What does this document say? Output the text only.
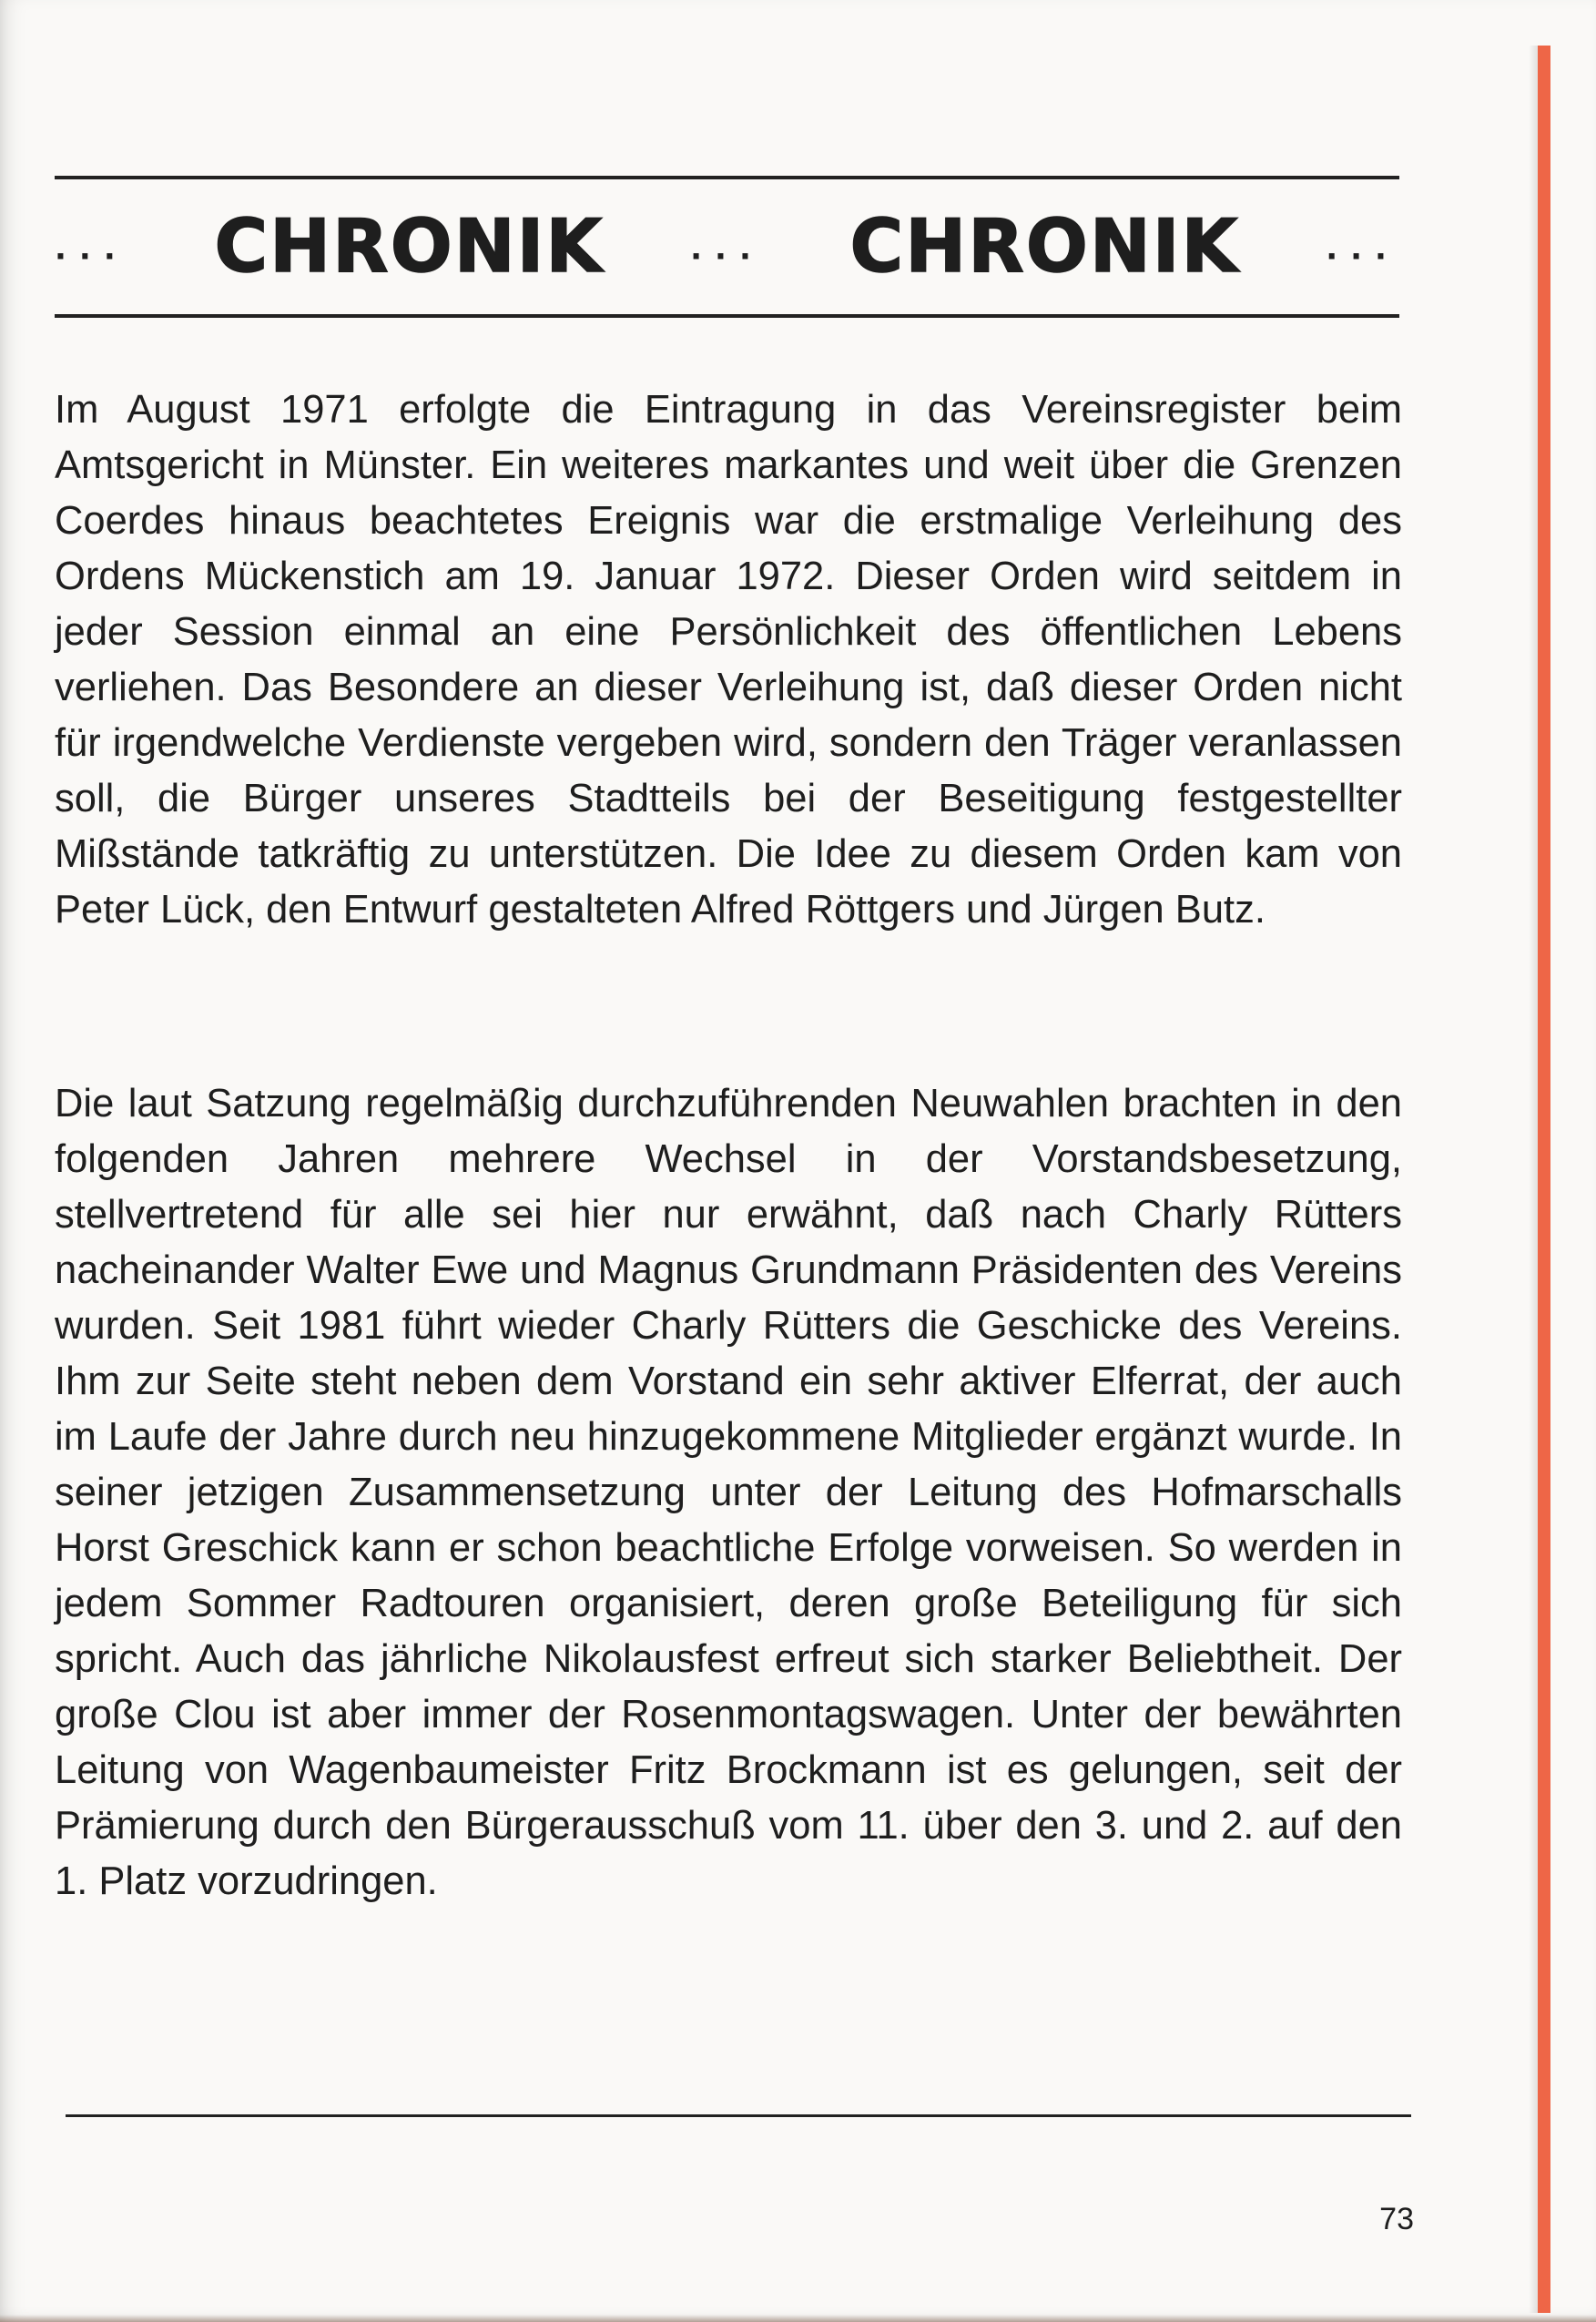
··· CHRONIK	··· CHRONIK	···

Im August 1971 erfolgte die Eintragung in das Vereinsregister beim Amtsgericht in Münster. Ein weiteres markantes und weit über die Grenzen Coerdes hinaus beachtetes Ereignis war die erstmalige Verleihung des Ordens Mückenstich am 19. Januar 1972. Dieser Orden wird seitdem in jeder Session einmal an eine Persönlichkeit des öffentlichen Lebens verliehen. Das Besondere an dieser Verleihung ist, daß dieser Orden nicht für irgendwelche Verdienste vergeben wird, sondern den Träger veranlassen soll, die Bürger unseres Stadtteils bei der Beseitigung festgestellter Mißstände tatkräftig zu unterstützen. Die Idee zu diesem Orden kam von Peter Lück, den Entwurf gestalteten Alfred Röttgers und Jürgen Butz.

Die laut Satzung regelmäßig durchzuführenden Neuwahlen brachten in den folgenden Jahren mehrere Wechsel in der Vorstandsbesetzung, stellvertretend für alle sei hier nur erwähnt, daß nach Charly Rütters nacheinander Walter Ewe und Magnus Grundmann Präsidenten des Vereins wurden. Seit 1981 führt wieder Charly Rütters die Geschicke des Vereins. Ihm zur Seite steht neben dem Vorstand ein sehr aktiver Elferrat, der auch im Laufe der Jahre durch neu hinzugekommene Mitglieder ergänzt wurde. In seiner jetzigen Zusammensetzung unter der Leitung des Hofmarschalls Horst Greschick kann er schon beachtliche Erfolge vorweisen. So werden in jedem Sommer Radtouren organisiert, deren große Beteiligung für sich spricht. Auch das jährliche Nikolausfest erfreut sich starker Beliebtheit. Der große Clou ist aber immer der Rosenmontagswagen. Unter der bewährten Leitung von Wagenbaumeister Fritz Brockmann ist es gelungen, seit der Prämierung durch den Bürgerausschuß vom 11. über den 3. und 2. auf den 1. Platz vorzudringen.

73
